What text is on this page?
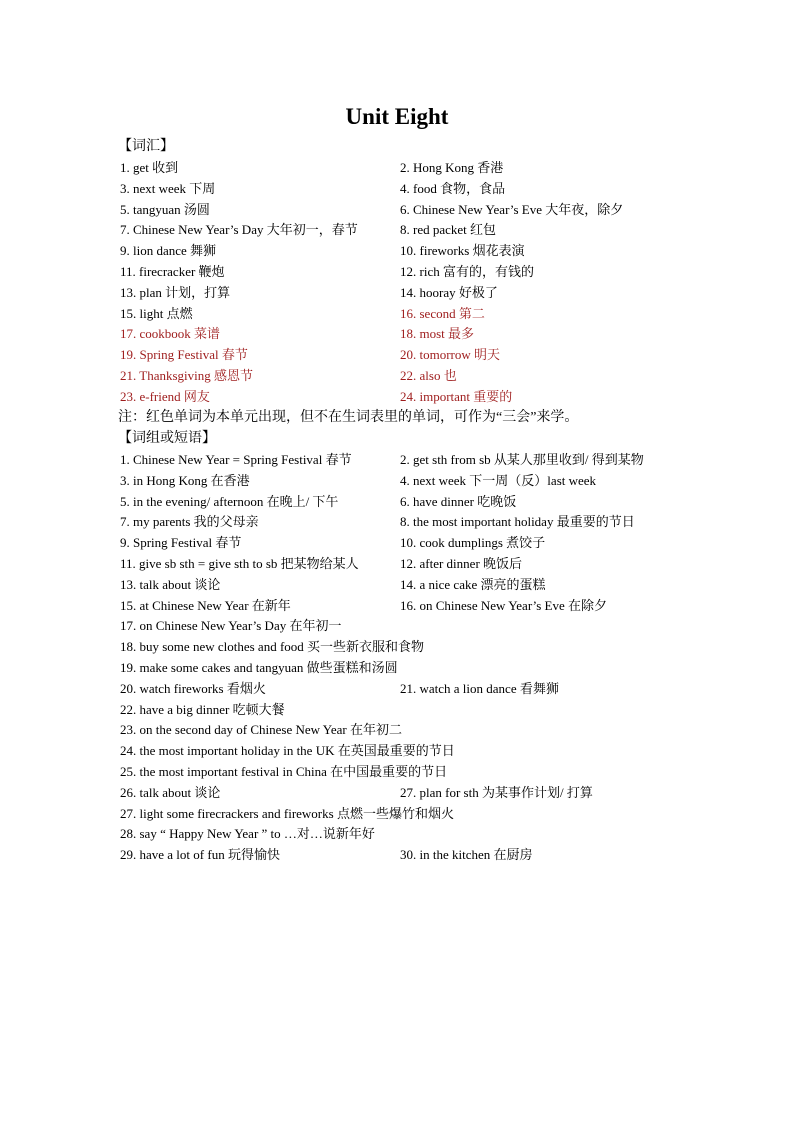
Unit Eight
【词汇】
1. get 收到	2. Hong Kong 香港
3. next week 下周	4. food 食物，食品
5. tangyuan 汤圆	6. Chinese New Year’s Eve 大年夜，除夕
7. Chinese New Year’s Day 大年初一，春节	8. red packet 红包
9. lion dance 舞狮	10. fireworks 烟花表演
11. firecracker 鞭炮	12. rich 富有的，有钱的
13. plan 计划，打算	14. hooray 好极了
15. light 点燃	16. second 第二
17. cookbook 菜谱	18. most 最多
19. Spring Festival 春节	20. tomorrow 明天
21. Thanksgiving 感恩节	22. also 也
23. e-friend 网友	24. important 重要的
注：红色单词为本单元出现，但不在生词表里的单词，可作为“三会”来学。
【词组或短语】
1. Chinese New Year = Spring Festival 春节	2. get sth from sb 从某人那里收到/ 得到某物
3. in Hong Kong 在香港	4. next week 下一周（反）last week
5. in the evening/ afternoon 在晚上/ 下午	6. have dinner 吃晚饭
7. my parents 我的父母亲	8. the most important holiday 最重要的节日
9. Spring Festival 春节	10. cook dumplings 煮饺子
11. give sb sth = give sth to sb 把某物给某人	12. after dinner 晚饭后
13. talk about 谈论	14. a nice cake 漂亮的蛋糕
15. at Chinese New Year 在新年	16. on Chinese New Year’s Eve 在除夕
17. on Chinese New Year’s Day 在年初一
18. buy some new clothes and food 买一些新衣服和食物
19. make some cakes and tangyuan 做些蛋糕和汤圆
20. watch fireworks 看烟火	21. watch a lion dance 看舞狮
22. have a big dinner 吃顿大餐
23. on the second day of Chinese New Year 在年初二
24. the most important holiday in the UK 在英国最重要的节日
25. the most important festival in China 在中国最重要的节日
26. talk about 谈论	27. plan for sth 为某事作计划/ 打算
27. light some firecrackers and fireworks 点燃一些爆竹和烟火
28. say “ Happy New Year ” to …对…说新年好
29. have a lot of fun 玩得愉快	30. in the kitchen 在厨房
